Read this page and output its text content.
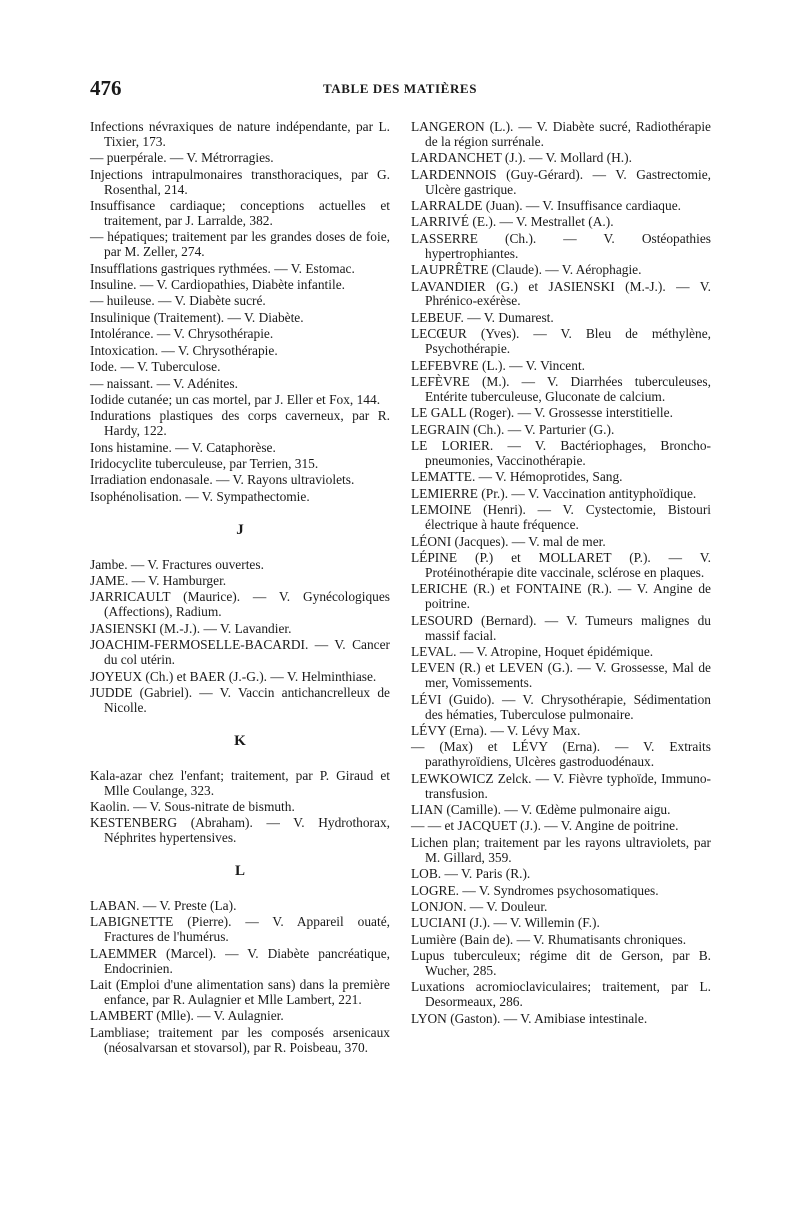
476	TABLE DES MATIÈRES
Infections névraxiques de nature indépendante, par L. Tixier, 173.
— puerpérale. — V. Métrorragies.
Injections intrapulmonaires transthoraciques, par G. Rosenthal, 214.
Insuffisance cardiaque; conceptions actuelles et traitement, par J. Larralde, 382.
— hépatiques; traitement par les grandes doses de foie, par M. Zeller, 274.
Insufflations gastriques rythmées. — V. Estomac.
Insuline. — V. Cardiopathies, Diabète infantile.
— huileuse. — V. Diabète sucré.
Insulinique (Traitement). — V. Diabète.
Intolérance. — V. Chrysothérapie.
Intoxication. — V. Chrysothérapie.
Iode. — V. Tuberculose.
— naissant. — V. Adénites.
Iodide cutanée; un cas mortel, par J. Eller et Fox, 144.
Indurations plastiques des corps caverneux, par R. Hardy, 122.
Ions histamine. — V. Cataphorèse.
Iridocyclite tuberculeuse, par Terrien, 315.
Irradiation endonasale. — V. Rayons ultraviolets.
Isophénolisation. — V. Sympathectomie.
J
Jambe. — V. Fractures ouvertes.
JAME. — V. Hamburger.
JARRICAULT (Maurice). — V. Gynécologiques (Affections), Radium.
JASIENSKI (M.-J.). — V. Lavandier.
JOACHIM-FERMOSELLE-BACARDI. — V. Cancer du col utérin.
JOYEUX (Ch.) et BAER (J.-G.). — V. Helminthiase.
JUDDE (Gabriel). — V. Vaccin antichancrelleux de Nicolle.
K
Kala-azar chez l'enfant; traitement, par P. Giraud et Mlle Coulange, 323.
Kaolin. — V. Sous-nitrate de bismuth.
KESTENBERG (Abraham). — V. Hydrothorax, Néphrites hypertensives.
L
LABAN. — V. Preste (La).
LABIGNETTE (Pierre). — V. Appareil ouaté, Fractures de l'humérus.
LAEMMER (Marcel). — V. Diabète pancréatique, Endocrinien.
Lait (Emploi d'une alimentation sans) dans la première enfance, par R. Aulagnier et Mlle Lambert, 221.
LAMBERT (Mlle). — V. Aulagnier.
Lambliase; traitement par les composés arsenicaux (néosalvarsan et stovarsol), par R. Poisbeau, 370.
LANGERON (L.). — V. Diabète sucré, Radiothérapie de la région surrénale.
LARDANCHET (J.). — V. Mollard (H.).
LARDENNOIS (Guy-Gérard). — V. Gastrectomie, Ulcère gastrique.
LARRALDE (Juan). — V. Insuffisance cardiaque.
LARRIVÉ (E.). — V. Mestrallet (A.).
LASSERRE (Ch.). — V. Ostéopathies hypertrophiantes.
LAUPRÊTRE (Claude). — V. Aérophagie.
LAVANDIER (G.) et JASIENSKI (M.-J.). — V. Phrénico-exérèse.
LEBEUF. — V. Dumarest.
LECŒUR (Yves). — V. Bleu de méthylène, Psychothérapie.
LEFEBVRE (L.). — V. Vincent.
LEFÈVRE (M.). — V. Diarrhées tuberculeuses, Entérite tuberculeuse, Gluconate de calcium.
LE GALL (Roger). — V. Grossesse interstitielle.
LEGRAIN (Ch.). — V. Parturier (G.).
LE LORIER. — V. Bactériophages, Broncho-pneumonies, Vaccinothérapie.
LEMATTE. — V. Hémoprotides, Sang.
LEMIERRE (Pr.). — V. Vaccination antityphoïdique.
LEMOINE (Henri). — V. Cystectomie, Bistouri électrique à haute fréquence.
LÉONI (Jacques). — V. mal de mer.
LÉPINE (P.) et MOLLARET (P.). — V. Protéinothérapie dite vaccinale, sclérose en plaques.
LERICHE (R.) et FONTAINE (R.). — V. Angine de poitrine.
LESOURD (Bernard). — V. Tumeurs malignes du massif facial.
LEVAL. — V. Atropine, Hoquet épidémique.
LEVEN (R.) et LEVEN (G.). — V. Grossesse, Mal de mer, Vomissements.
LÉVI (Guido). — V. Chrysothérapie, Sédimentation des hématies, Tuberculose pulmonaire.
LÉVY (Erna). — V. Lévy Max.
— (Max) et LÉVY (Erna). — V. Extraits parathyroïdiens, Ulcères gastroduodénaux.
LEWKOWICZ Zelck. — V. Fièvre typhoïde, Immuno-transfusion.
LIAN (Camille). — V. Œdème pulmonaire aigu.
— — et JACQUET (J.). — V. Angine de poitrine.
Lichen plan; traitement par les rayons ultraviolets, par M. Gillard, 359.
LOB. — V. Paris (R.).
LOGRE. — V. Syndromes psychosomatiques.
LONJON. — V. Douleur.
LUCIANI (J.). — V. Willemin (F.).
Lumière (Bain de). — V. Rhumatisants chroniques.
Lupus tuberculeux; régime dit de Gerson, par B. Wucher, 285.
Luxations acromioclaviculaires; traitement, par L. Desormeaux, 286.
LYON (Gaston). — V. Amibiase intestinale.
